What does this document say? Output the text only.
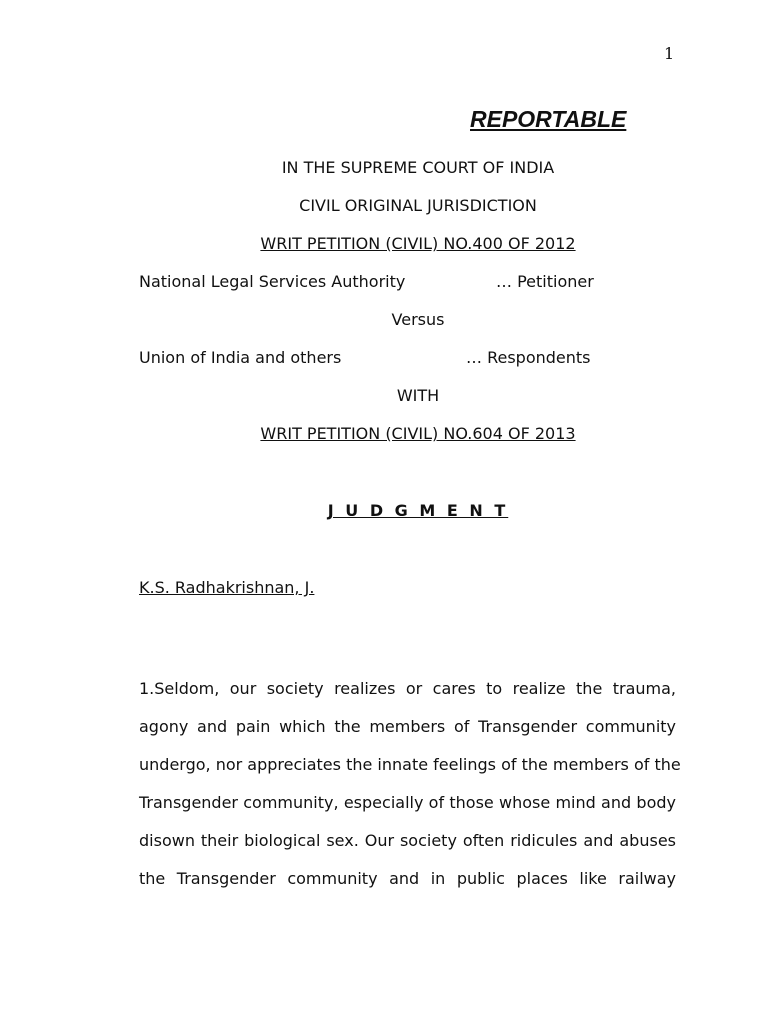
1
REPORTABLE
IN THE SUPREME COURT OF INDIA
CIVIL ORIGINAL JURISDICTION
WRIT PETITION (CIVIL) NO.400 OF 2012
National Legal Services Authority	… Petitioner
Versus
Union of India and others	… Respondents
WITH
WRIT PETITION (CIVIL) NO.604 OF 2013
J U D G M E N T
K.S. Radhakrishnan, J.
1.Seldom, our society realizes or cares to realize the trauma,
agony and pain which the members of Transgender community
undergo, nor appreciates the innate feelings of the members of the
Transgender community, especially of those whose mind and body
disown their biological sex. Our society often ridicules and abuses
the Transgender community and in public places like railway
